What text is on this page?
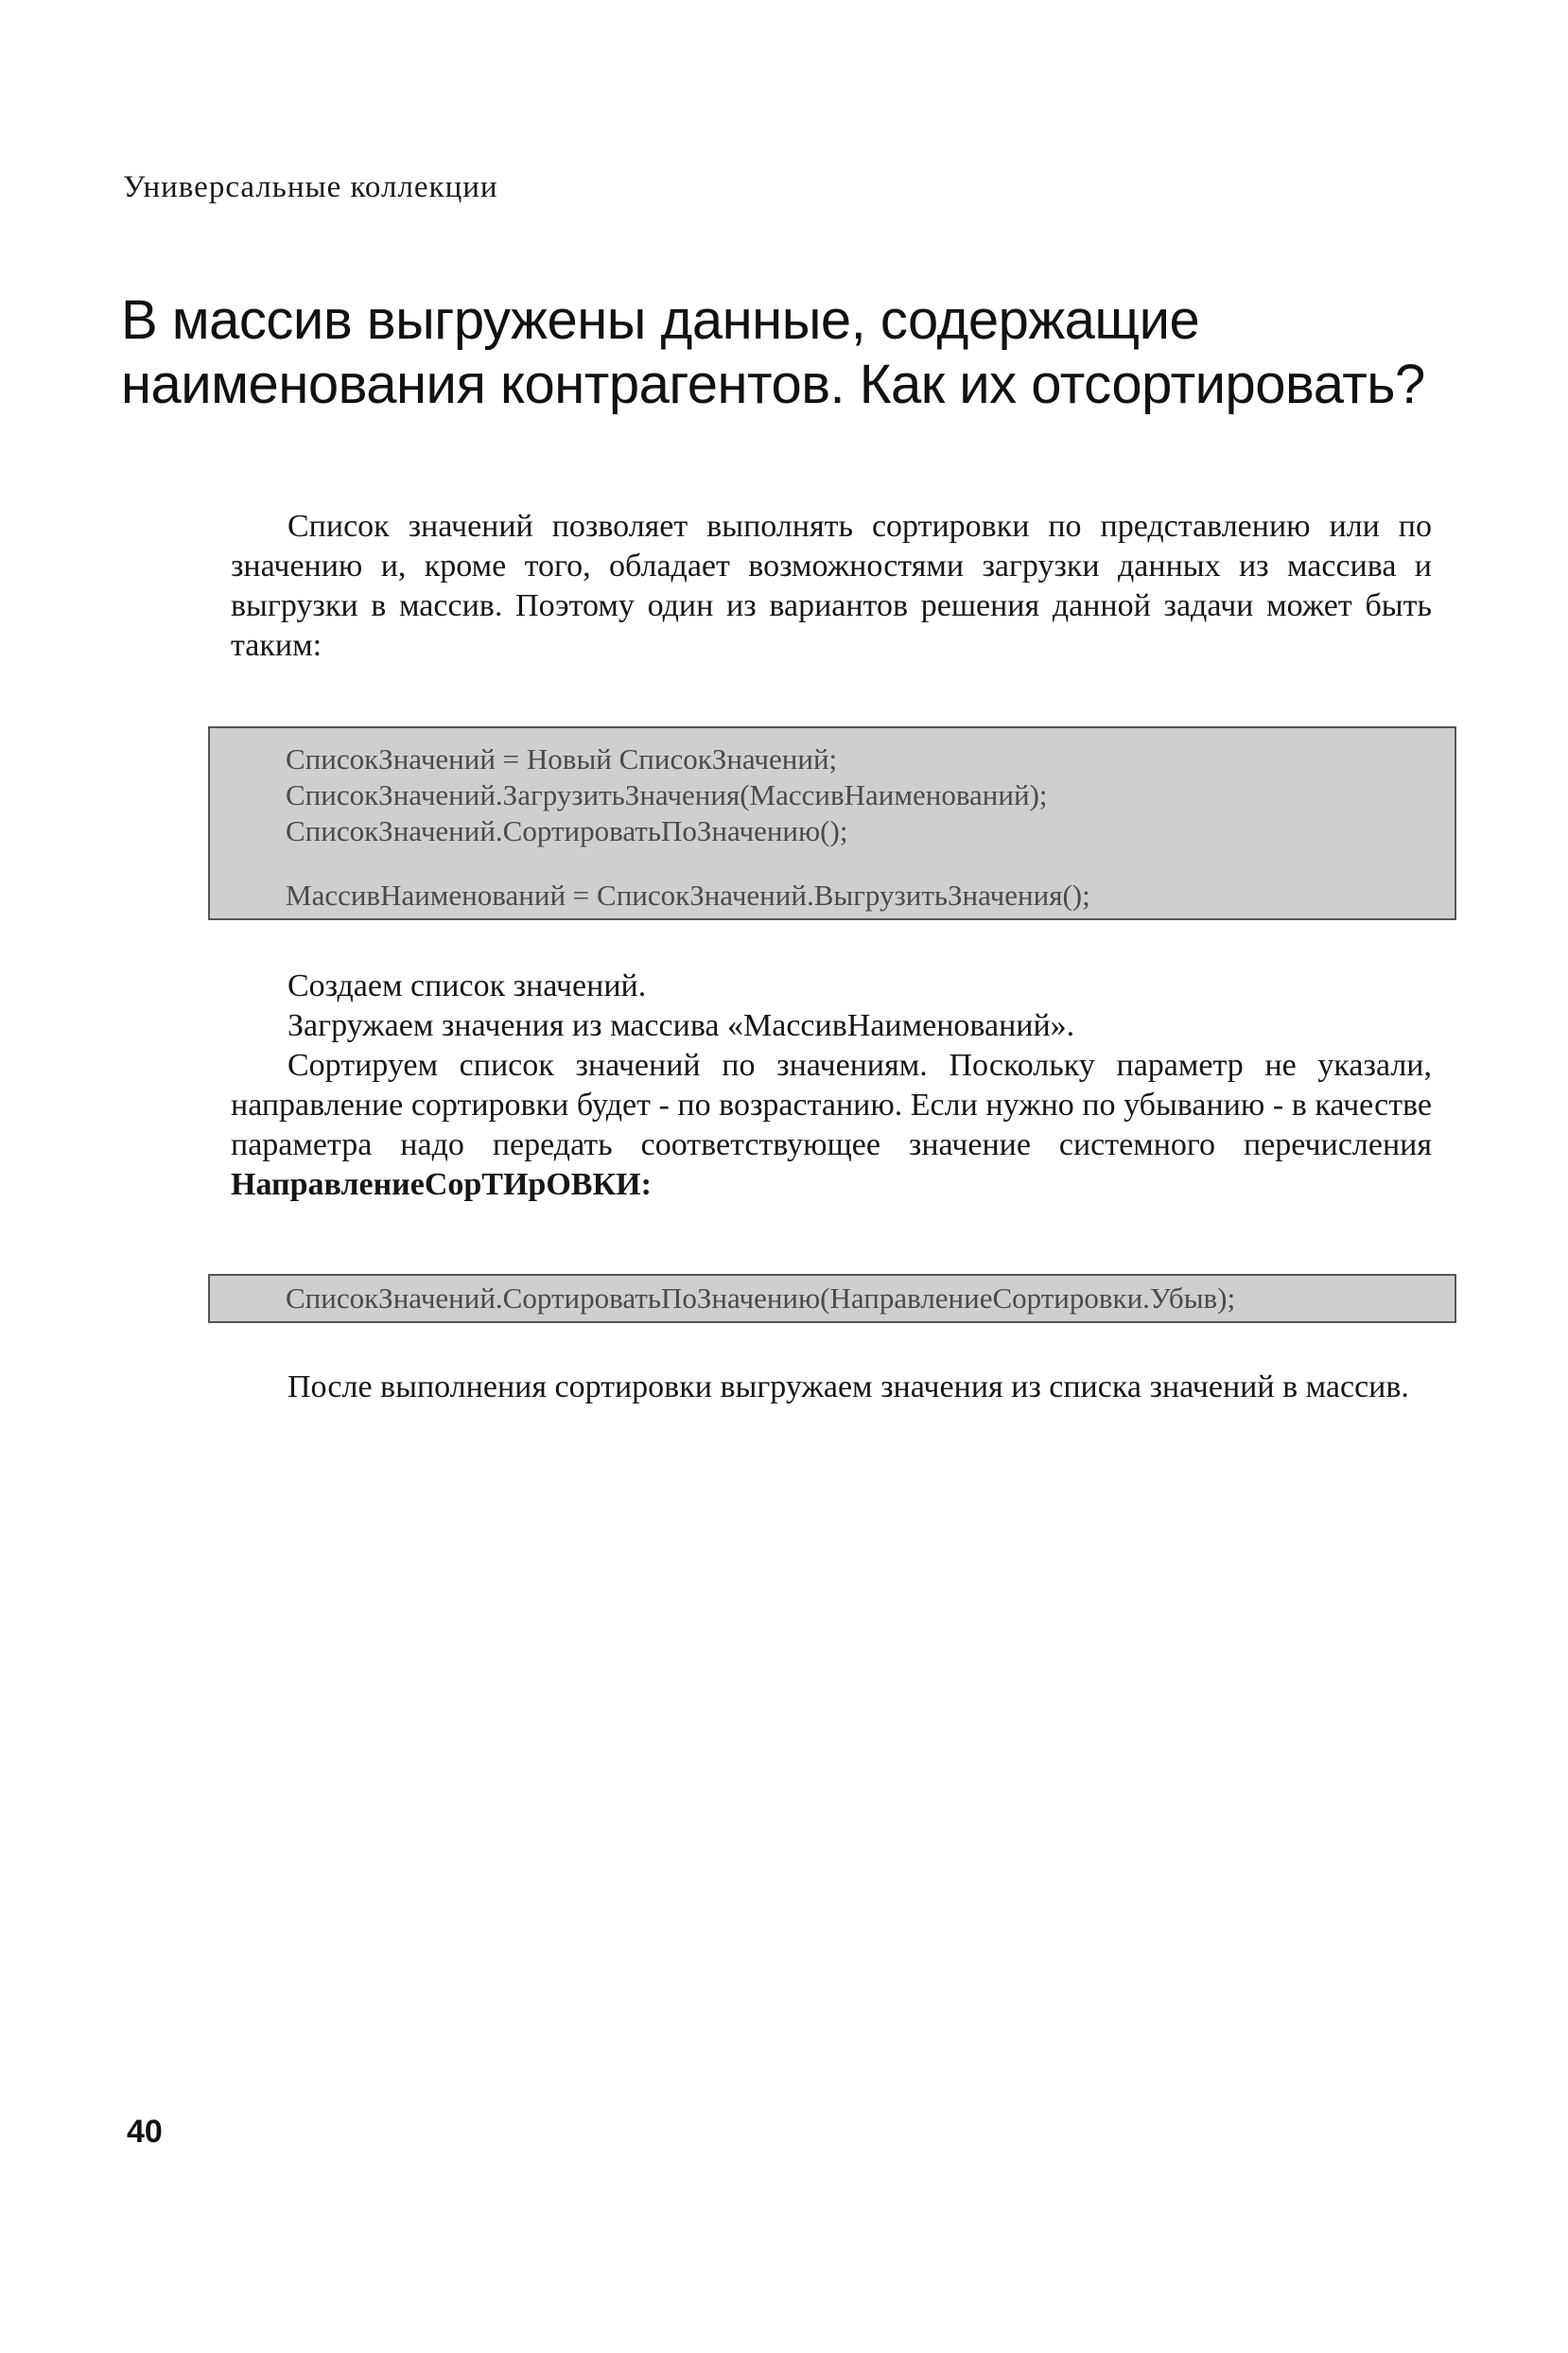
Универсальные коллекции
В массив выгружены данные, содержащие наименования контрагентов. Как их отсортировать?

Список значений позволяет выполнять сортировки по представлению или по значению и, кроме того, обладает возможностями загрузки данных из массива и выгрузки в массив. Поэтому один из вариантов решения данной задачи может быть таким:

СписокЗначений = Новый СписокЗначений;
СписокЗначений.ЗагрузитьЗначения(МассивНаименований);
СписокЗначений.СортироватьПоЗначению();
МассивНаименований = СписокЗначений.ВыгрузитьЗначения();

Создаем список значений.

Загружаем значения из массива «МассивНаименований».

Сортируем список значений по значениям. Поскольку параметр не указали, направление сортировки будет - по возрастанию. Если нужно по убыванию - в качестве параметра надо передать соответствующее значение системного перечисления НаправлениеСорТИрОВКИ:

СписокЗначений.СортироватьПоЗначению(НаправлениеСортировки.Убыв);

После выполнения сортировки выгружаем значения из списка значений в массив.

40
